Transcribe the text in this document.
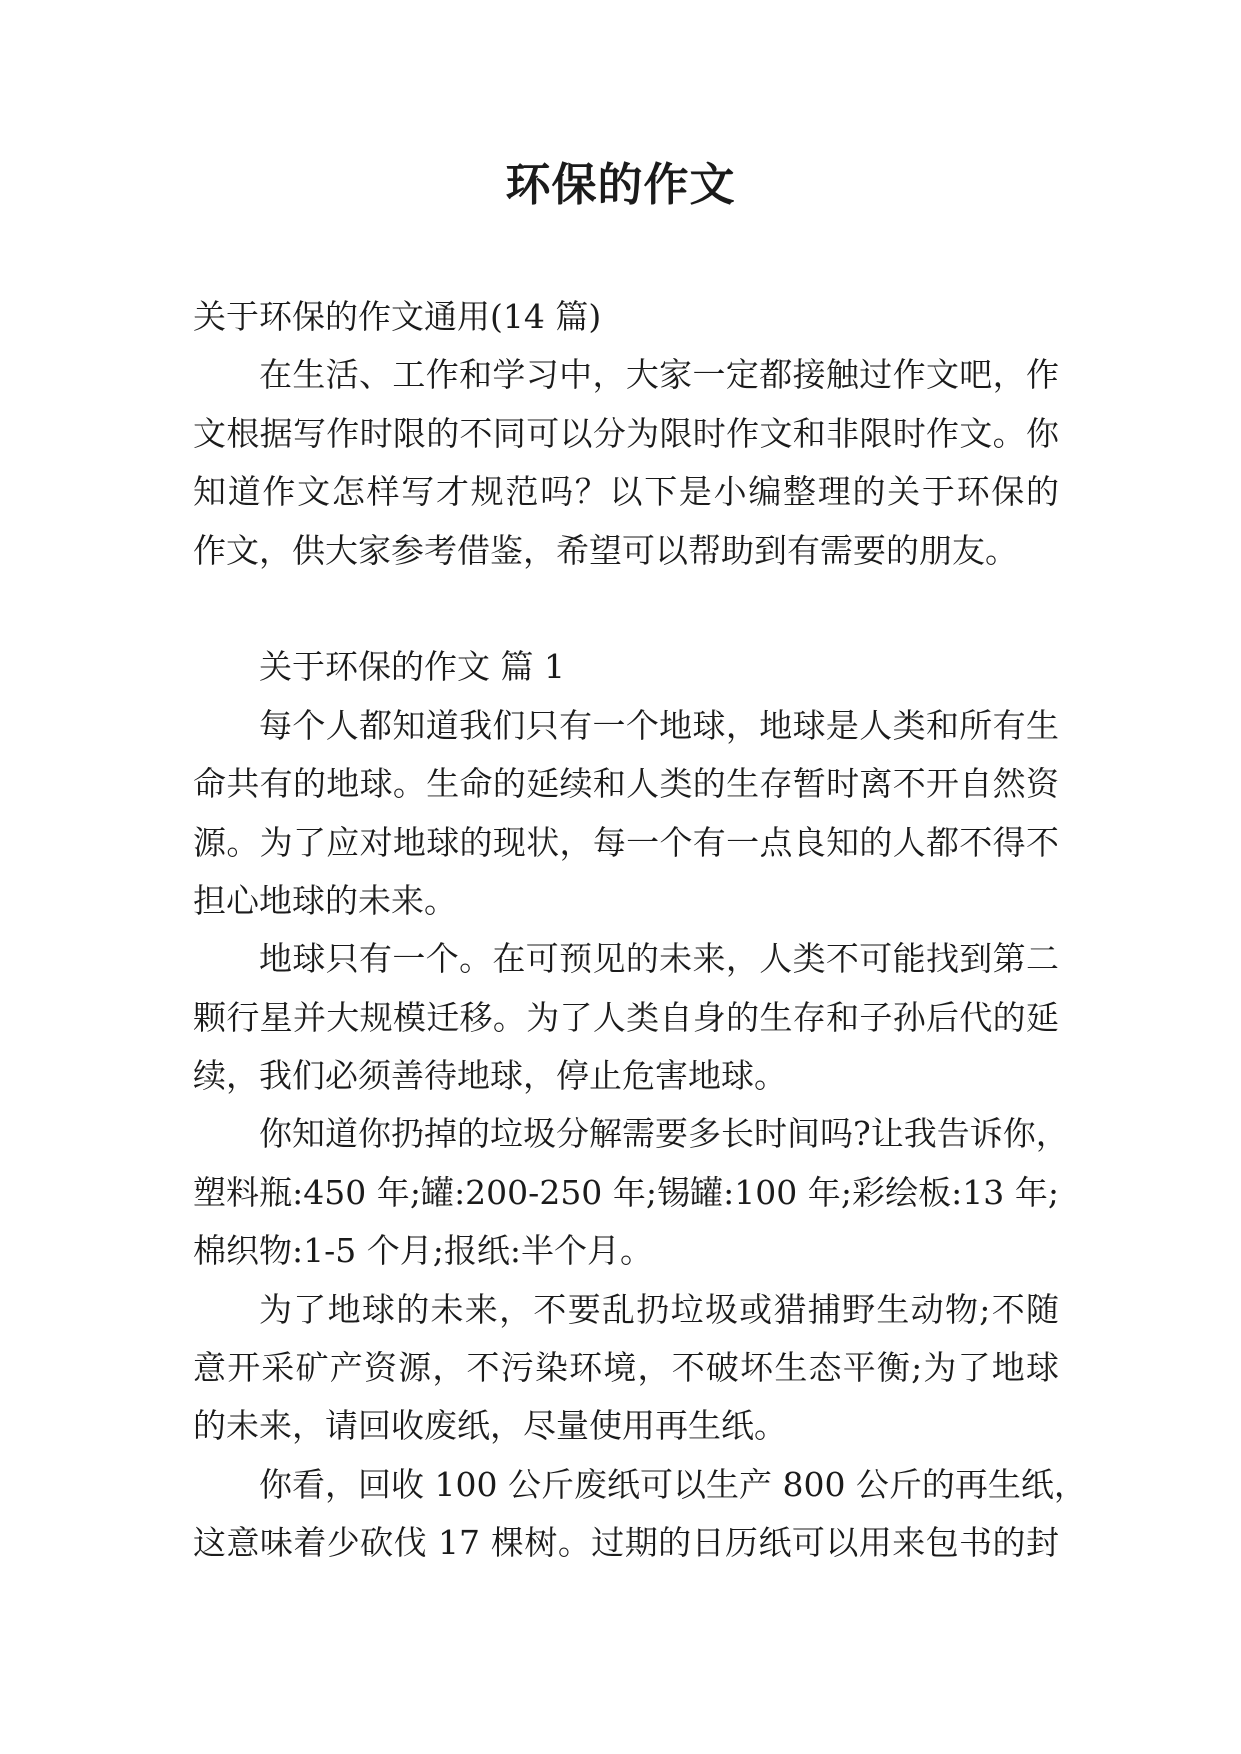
环保的作文
关于环保的作文通用(14 篇)
在生活、工作和学习中，大家一定都接触过作文吧，作
文根据写作时限的不同可以分为限时作文和非限时作文。你
知道作文怎样写才规范吗？以下是小编整理的关于环保的
作文，供大家参考借鉴，希望可以帮助到有需要的朋友。
关于环保的作文 篇 1
每个人都知道我们只有一个地球，地球是人类和所有生
命共有的地球。生命的延续和人类的生存暂时离不开自然资
源。为了应对地球的现状，每一个有一点良知的人都不得不
担心地球的未来。
地球只有一个。在可预见的未来，人类不可能找到第二
颗行星并大规模迁移。为了人类自身的生存和子孙后代的延
续，我们必须善待地球，停止危害地球。
你知道你扔掉的垃圾分解需要多长时间吗?让我告诉你，
塑料瓶:450 年;罐:200-250 年;锡罐:100 年;彩绘板:13 年;
棉织物:1-5 个月;报纸:半个月。
为了地球的未来，不要乱扔垃圾或猎捕野生动物;不随
意开采矿产资源，不污染环境，不破坏生态平衡;为了地球
的未来，请回收废纸，尽量使用再生纸。
你看，回收 100 公斤废纸可以生产 800 公斤的再生纸，
这意味着少砍伐 17 棵树。过期的日历纸可以用来包书的封
